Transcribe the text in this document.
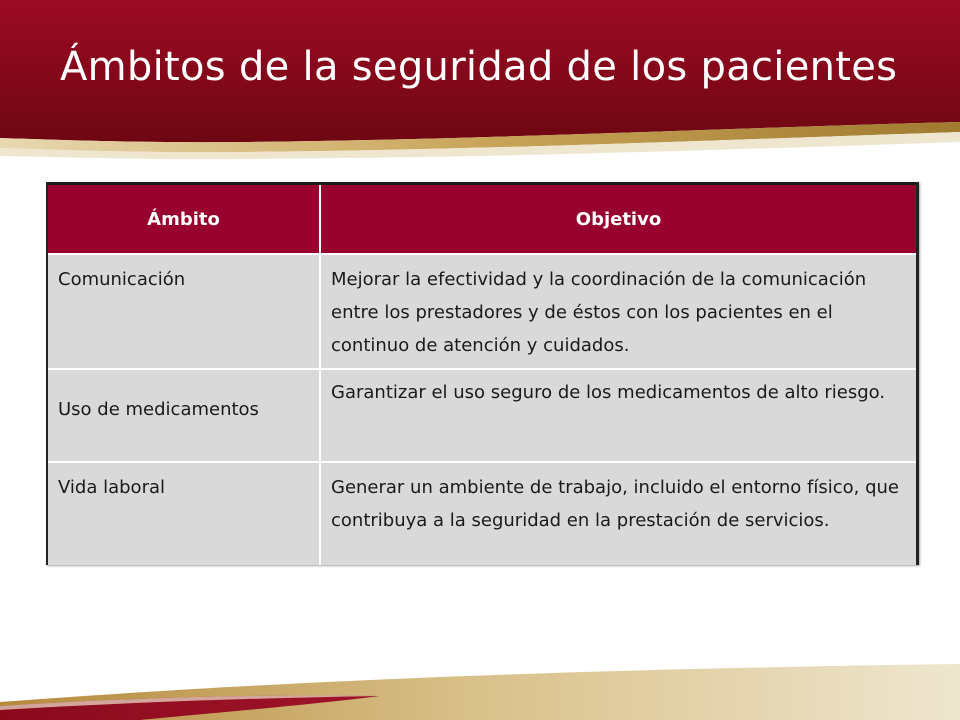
Ámbitos de la seguridad de los pacientes
Ámbito	Objetivo
Comunicación	Mejorar la efectividad y la coordinación de la comunicación entre los prestadores y de éstos con los pacientes en el continuo de atención y cuidados.
Uso de medicamentos	Garantizar el uso seguro de los medicamentos de alto riesgo.
Vida laboral	Generar un ambiente de trabajo, incluido el entorno físico, que contribuya a la seguridad en la prestación de servicios.
